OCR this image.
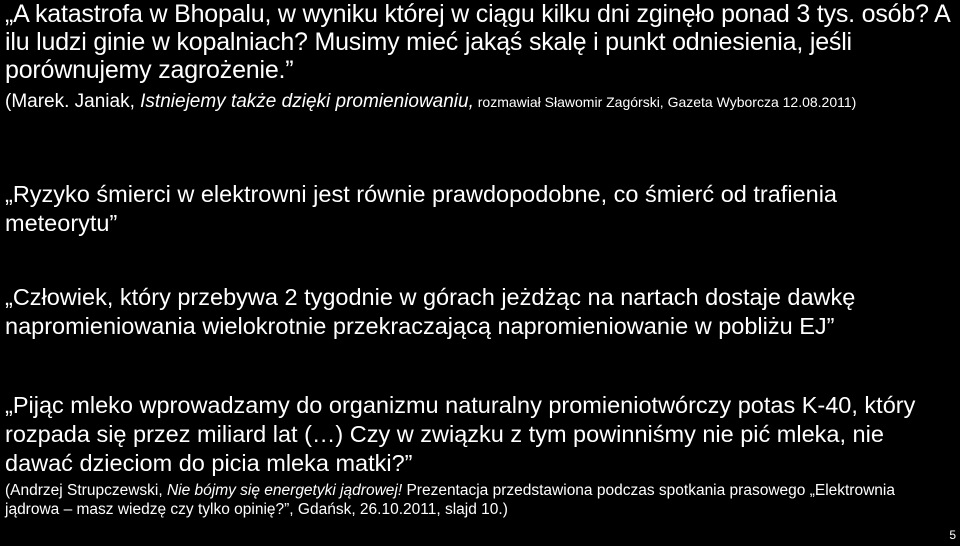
„A katastrofa w Bhopalu, w wyniku której w ciągu kilku dni zginęło ponad 3 tys. osób? A ilu ludzi ginie w kopalniach? Musimy mieć jakąś skalę i punkt odniesienia, jeśli porównujemy zagrożenie.”

(Marek. Janiak, Istniejemy także dzięki promieniowaniu, rozmawiał Sławomir Zagórski, Gazeta Wyborcza 12.08.2011)

„Ryzyko śmierci w elektrowni jest równie prawdopodobne, co śmierć od trafienia meteorytu”

„Człowiek, który przebywa 2 tygodnie w górach jeżdżąc na nartach dostaje dawkę napromieniowania wielokrotnie przekraczającą napromieniowanie w pobliżu EJ”

„Pijąc mleko wprowadzamy do organizmu naturalny promieniotwórczy potas K-40, który rozpada się przez miliard lat (…) Czy w związku z tym powinniśmy nie pić mleka, nie dawać dzieciom do picia mleka matki?”

(Andrzej Strupczewski, Nie bójmy się energetyki jądrowej! Prezentacja przedstawiona podczas spotkania prasowego „Elektrownia jądrowa – masz wiedzę czy tylko opinię?”, Gdańsk, 26.10.2011, slajd 10.)

5
